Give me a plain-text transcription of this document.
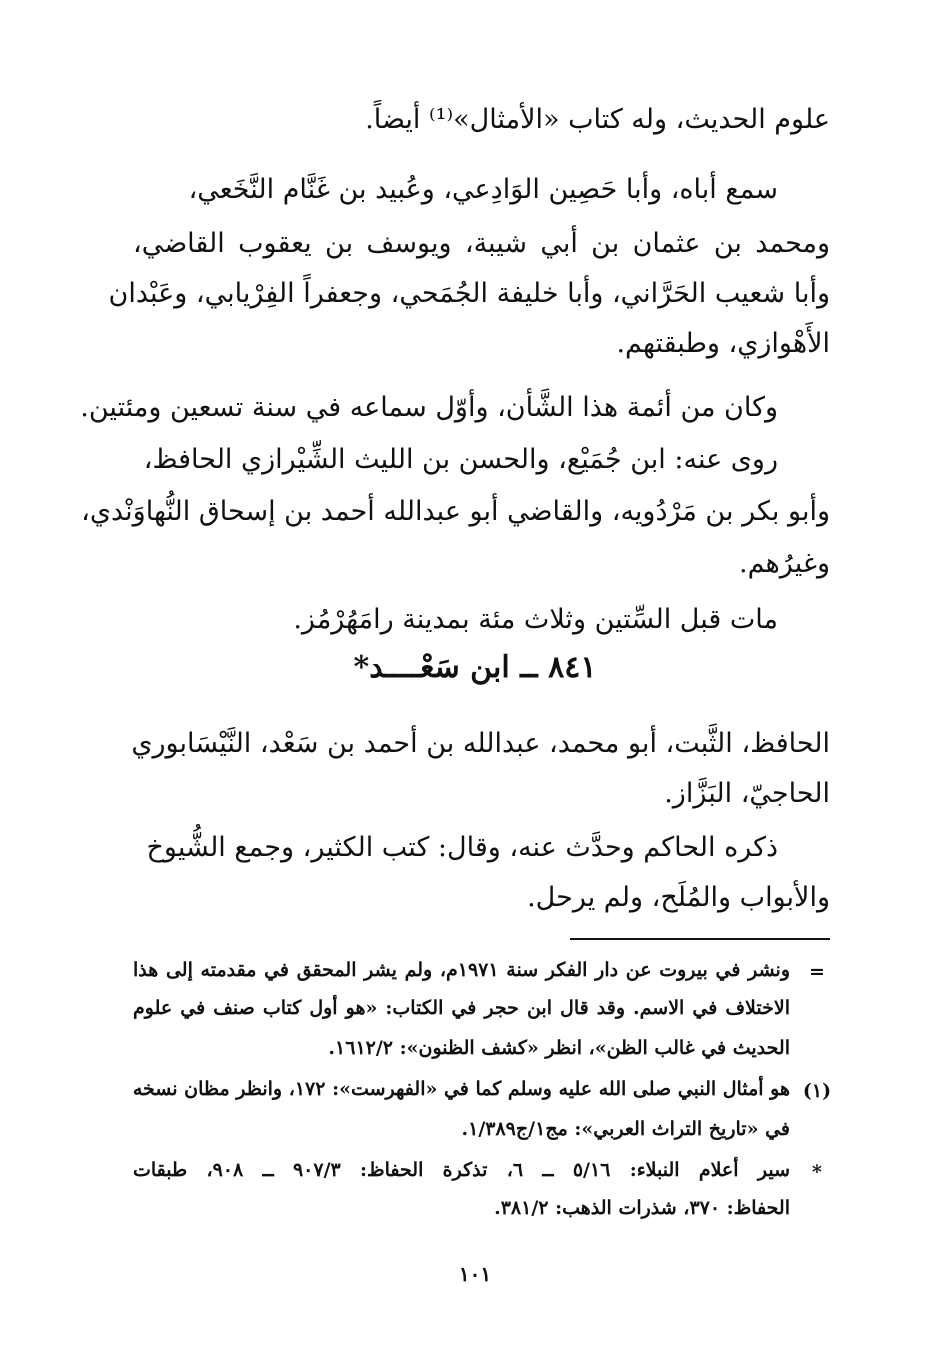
علوم الحديث، وله كتاب «الأمثال»⁽¹⁾ أيضاً.
سمع أباه، وأبا حَصِين الوَادِعي، وعُبيد بن غَنَّام النَّخَعي،
ومحمد بن عثمان بن أبي شيبة، ويوسف بن يعقوب القاضي،
وأبا شعيب الحَرَّاني، وأبا خليفة الجُمَحي، وجعفراً الفِرْيابي، وعَبْدان
الأَهْوازي، وطبقتهم.
وكان من أئمة هذا الشَّأن، وأوّل سماعه في سنة تسعين ومئتين.
روى عنه: ابن جُمَيْع، والحسن بن الليث الشِّيْرازي الحافظ،
وأبو بكر بن مَرْدُويه، والقاضي أبو عبدالله أحمد بن إسحاق النُّهاوَنْدي،
وغيرُهم.
مات قبل السِّتين وثلاث مئة بمدينة رامَهُرْمُز.
٨٤١ ــ ابن سَعْــــد*
الحافظ، الثَّبت، أبو محمد، عبدالله بن أحمد بن سَعْد، النَّيْسَابوري
الحاجيّ، البَزَّاز.
ذكره الحاكم وحدَّث عنه، وقال: كتب الكثير، وجمع الشُّيوخ
والأبواب والمُلَح، ولم يرحل.
=
ونشر في بيروت عن دار الفكر سنة ١٩٧١م، ولم يشر المحقق في مقدمته إلى هذا
الاختلاف في الاسم. وقد قال ابن حجر في الكتاب: «هو أول كتاب صنف في علوم
الحديث في غالب الظن»، انظر «كشف الظنون»: ١٦١٢/٢.
(١)
هو أمثال النبي صلى الله عليه وسلم كما في «الفهرست»: ١٧٢، وانظر مظان نسخه
في «تاريخ التراث العربي»: مج١/ج١/٣٨٩.
*
سير أعلام النبلاء: ٥/١٦ ــ ٦، تذكرة الحفاظ: ٩٠٧/٣ ــ ٩٠٨، طبقات
الحفاظ: ٣٧٠، شذرات الذهب: ٣٨١/٢.
١٠١
